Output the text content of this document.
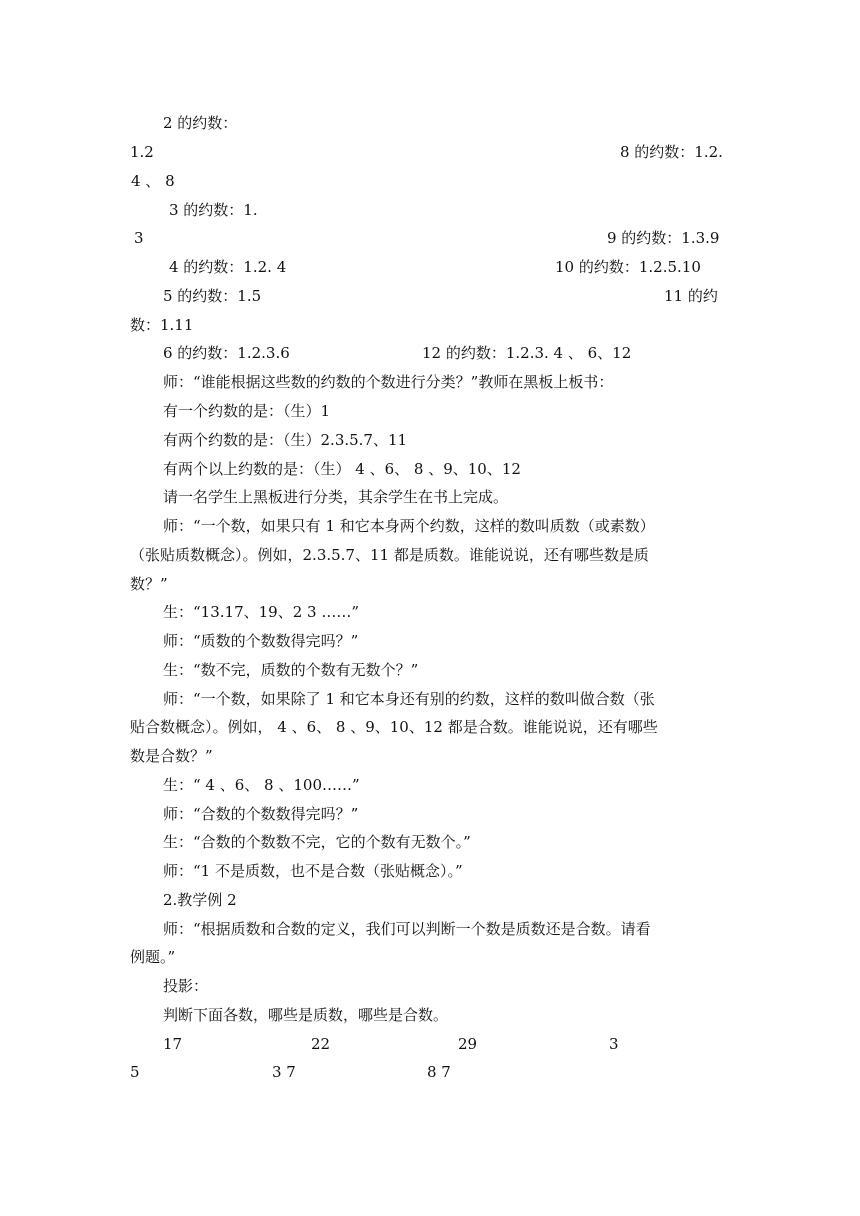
2 的约数：
1.2	8 的约数：1.2.
4 、 8
3 的约数：1.
3	9 的约数：1.3.9
4 的约数：1.2. 4	10 的约数：1.2.5.10
5 的约数：1.5	11 的约
数：1.11
6 的约数：1.2.3.6	12 的约数：1.2.3. 4 、 6、12
师：“谁能根据这些数的约数的个数进行分类？”教师在黑板上板书：
有一个约数的是：（生）1
有两个约数的是：（生）2.3.5.7、11
有两个以上约数的是：（生） 4 、6、 8 、9、10、12
请一名学生上黑板进行分类，其余学生在书上完成。
师：“一个数，如果只有 1 和它本身两个约数，这样的数叫质数（或素数）
（张贴质数概念）。例如，2.3.5.7、11 都是质数。谁能说说，还有哪些数是质
数？”
生：“13.17、19、2 3 ……”
师：“质数的个数数得完吗？”
生：“数不完，质数的个数有无数个？”
师：“一个数，如果除了 1 和它本身还有别的约数，这样的数叫做合数（张
贴合数概念）。例如， 4 、6、 8 、9、10、12 都是合数。谁能说说，还有哪些
数是合数？”
生：“ 4 、6、 8 、100……”
师：“合数的个数数得完吗？”
生：“合数的个数数不完，它的个数有无数个。”
师：“1 不是质数，也不是合数（张贴概念）。”
2.教学例 2
师：“根据质数和合数的定义，我们可以判断一个数是质数还是合数。请看
例题。”
投影：
判断下面各数，哪些是质数，哪些是合数。
17	22	29	3
5	3 7	8 7
